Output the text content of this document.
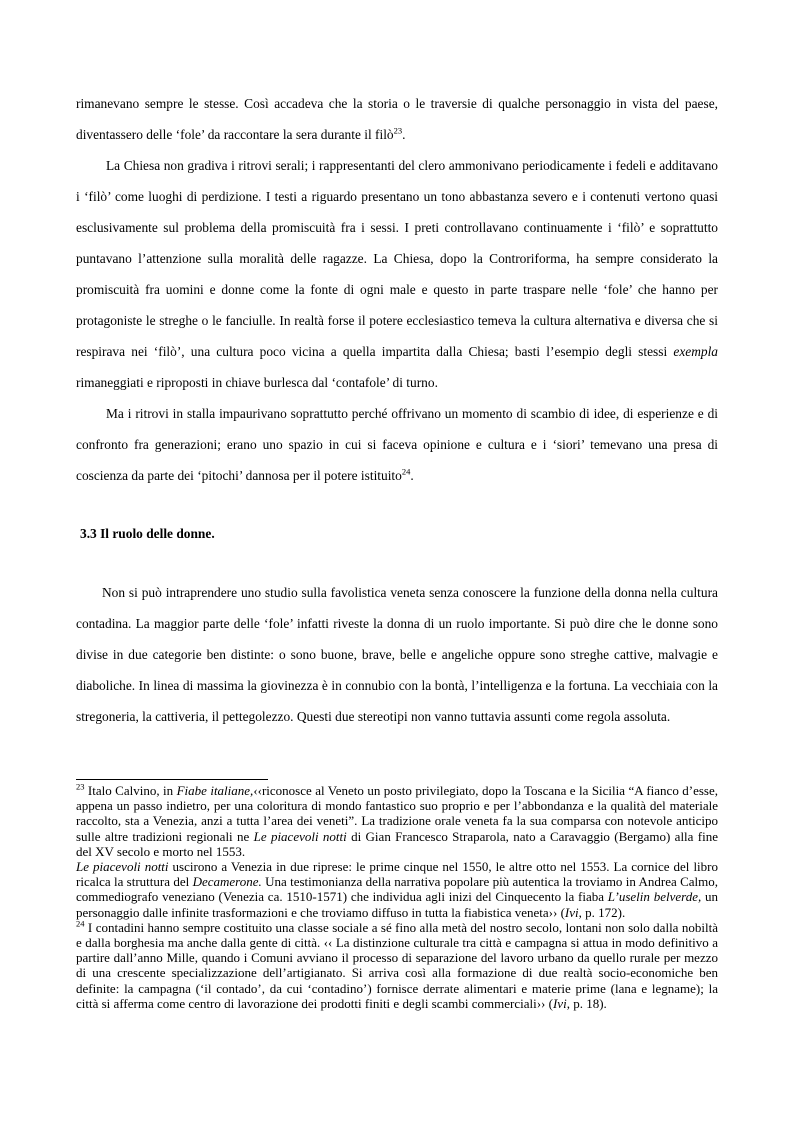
rimanevano sempre le stesse. Così accadeva che la storia o le traversie di qualche personaggio in vista del paese, diventassero delle ‘fole’ da raccontare la sera durante il filò$^{23}$.

La Chiesa non gradiva i ritrovi serali; i rappresentanti del clero ammonivano periodicamente i fedeli e additavano i ‘filò’ come luoghi di perdizione. I testi a riguardo presentano un tono abbastanza severo e i contenuti vertono quasi esclusivamente sul problema della promiscuità fra i sessi. I preti controllavano continuamente i ‘filò’ e soprattutto puntavano l’attenzione sulla moralità delle ragazze. La Chiesa, dopo la Controriforma, ha sempre considerato la promiscuità fra uomini e donne come la fonte di ogni male e questo in parte traspare nelle ‘fole’ che hanno per protagoniste le streghe o le fanciulle. In realtà forse il potere ecclesiastico temeva la cultura alternativa e diversa che si respirava nei ‘filò’, una cultura poco vicina a quella impartita dalla Chiesa; basti l’esempio degli stessi exempla rimaneggiati e riproposti in chiave burlesca dal ‘contafole’ di turno.

Ma i ritrovi in stalla impaurivano soprattutto perché offrivano un momento di scambio di idee, di esperienze e di confronto fra generazioni; erano uno spazio in cui si faceva opinione e cultura e i ‘siori’ temevano una presa di coscienza da parte dei ‘pitochi’ dannosa per il potere istituito$^{24}$.

3.3 Il ruolo delle donne.

Non si può intraprendere uno studio sulla favolistica veneta senza conoscere la funzione della donna nella cultura contadina. La maggior parte delle ‘fole’ infatti riveste la donna di un ruolo importante. Si può dire che le donne sono divise in due categorie ben distinte: o sono buone, brave, belle e angeliche oppure sono streghe cattive, malvagie e diaboliche. In linea di massima la giovinezza è in connubio con la bontà, l’intelligenza e la fortuna. La vecchiaia con la stregoneria, la cattiveria, il pettegolezzo. Questi due stereotipi non vanno tuttavia assunti come regola assoluta.

$^{23}$ Italo Calvino, in Fiabe italiane,‹‹riconosce al Veneto un posto privilegiato, dopo la Toscana e la Sicilia “A fianco d’esse, appena un passo indietro, per una coloritura di mondo fantastico suo proprio e per l’abbondanza e la qualità del materiale raccolto, sta a Venezia, anzi a tutta l’area dei veneti”. La tradizione orale veneta fa la sua comparsa con notevole anticipo sulle altre tradizioni regionali ne Le piacevoli notti di Gian Francesco Straparola, nato a Caravaggio (Bergamo) alla fine del XV secolo e morto nel 1553.

Le piacevoli notti uscirono a Venezia in due riprese: le prime cinque nel 1550, le altre otto nel 1553. La cornice del libro ricalca la struttura del Decamerone. Una testimonianza della narrativa popolare più autentica la troviamo in Andrea Calmo, commediografo veneziano (Venezia ca. 1510-1571) che individua agli inizi del Cinquecento la fiaba L’uselin belverde, un personaggio dalle infinite trasformazioni e che troviamo diffuso in tutta la fiabistica veneta›› (Ivi, p. 172).

$^{24}$ I contadini hanno sempre costituito una classe sociale a sé fino alla metà del nostro secolo, lontani non solo dalla nobiltà e dalla borghesia ma anche dalla gente di città. ‹‹ La distinzione culturale tra città e campagna si attua in modo definitivo a partire dall’anno Mille, quando i Comuni avviano il processo di separazione del lavoro urbano da quello rurale per mezzo di una crescente specializzazione dell’artigianato. Si arriva così alla formazione di due realtà socio-economiche ben definite: la campagna (‘il contado’, da cui ‘contadino’) fornisce derrate alimentari e materie prime (lana e legname); la città si afferma come centro di lavorazione dei prodotti finiti e degli scambi commerciali›› (Ivi, p. 18).
